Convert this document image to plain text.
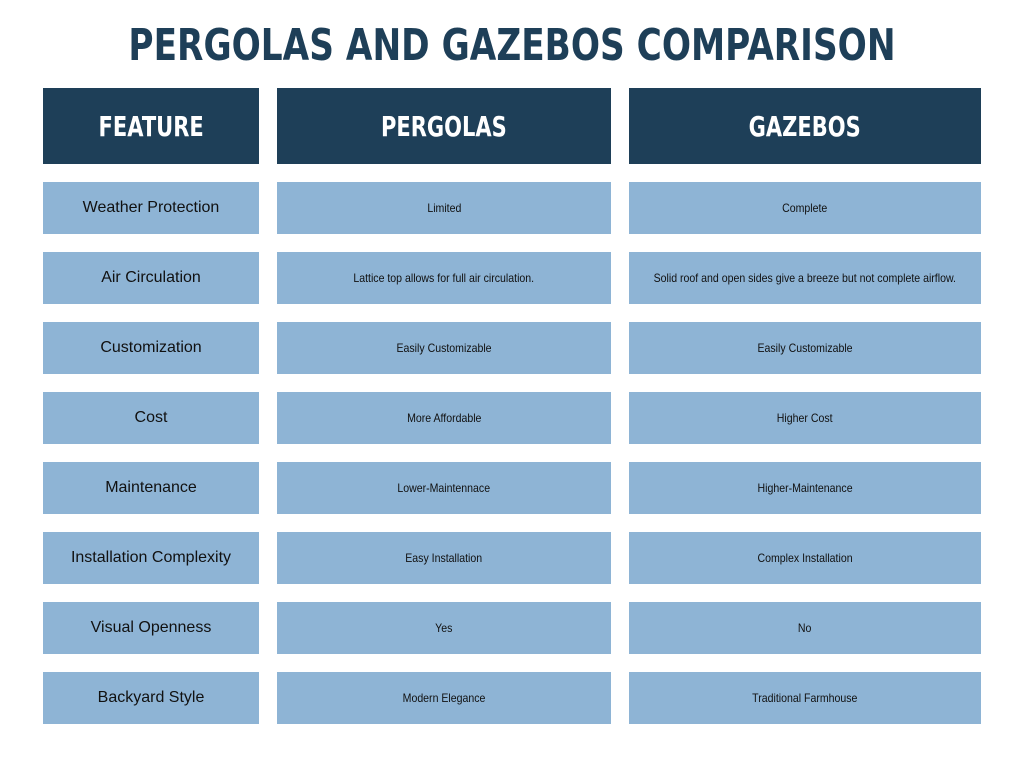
PERGOLAS AND GAZEBOS COMPARISON
FEATURE	PERGOLAS	GAZEBOS
Weather Protection	Limited	Complete
Air Circulation	Lattice top allows for full air circulation.	Solid roof and open sides give a breeze but not complete airflow.
Customization	Easily Customizable	Easily Customizable
Cost	More Affordable	Higher Cost
Maintenance	Lower-Maintennace	Higher-Maintenance
Installation Complexity	Easy Installation	Complex Installation
Visual Openness	Yes	No
Backyard Style	Modern Elegance	Traditional Farmhouse
